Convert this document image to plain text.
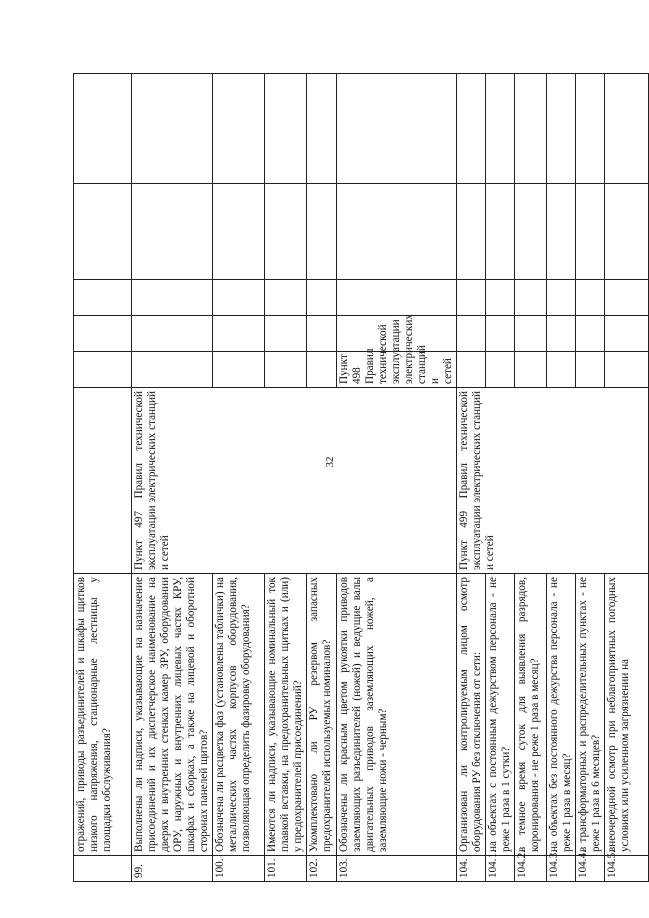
32
	отражений, приводы разъединителей и шкафы щитков низкого напряжения, стационарные лестницы у площадки обслуживания?							
99.	Выполнены ли надписи, указывающие на назначение присоединений и их диспетчерское наименование на дверях и внутренних стенках камер ЗРУ, оборудовании ОРУ, наружных и внутренних лицевых частях КРУ, шкафах и сборках, а также на лицевой и оборотной сторонах панелей щитов?	Пункт 497 Правил технической эксплуатации электрических станций и сетей						
100.	Обозначена ли расцветка фаз (установлены таблички) на металлических частях корпусов оборудования, позволяющая определить фазировку оборудования?							
101.	Имеются ли надписи, указывающие номинальный ток плавкой вставки, на предохранительных щитках и (или) у предохранителей присоединений?							
102.	Укомплектовано ли РУ резервом запасных предохранителей используемых номиналов?							
103.	Обозначены ли красным цветом рукоятки приводов заземляющих разъединителей (ножей) и ведущие валы двигательных приводов заземляющих ножей, а заземляющие ножи - черным?		Пункт 498 Правил технической эксплуатации электрических станций и сетей					
104.	Организован ли контролируемым лицом осмотр оборудования РУ без отключения от сети:	Пункт 499 Правил технической эксплуатации электрических станций и сетей						
104.1.	на объектах с постоянным дежурством персонала - не реже 1 раза в 1 сутки?							
104.2.	в темное время суток для выявления разрядов, коронирования - не реже 1 раза в месяц?							
104.3.	на объектах без постоянного дежурства персонала - не реже 1 раза в месяц?							
104.4.	в трансформаторных и распределительных пунктах - не реже 1 раза в 6 месяцев?							
104.5.	внеочередной осмотр при неблагоприятных погодных условиях или усиленном загрязнении на							
